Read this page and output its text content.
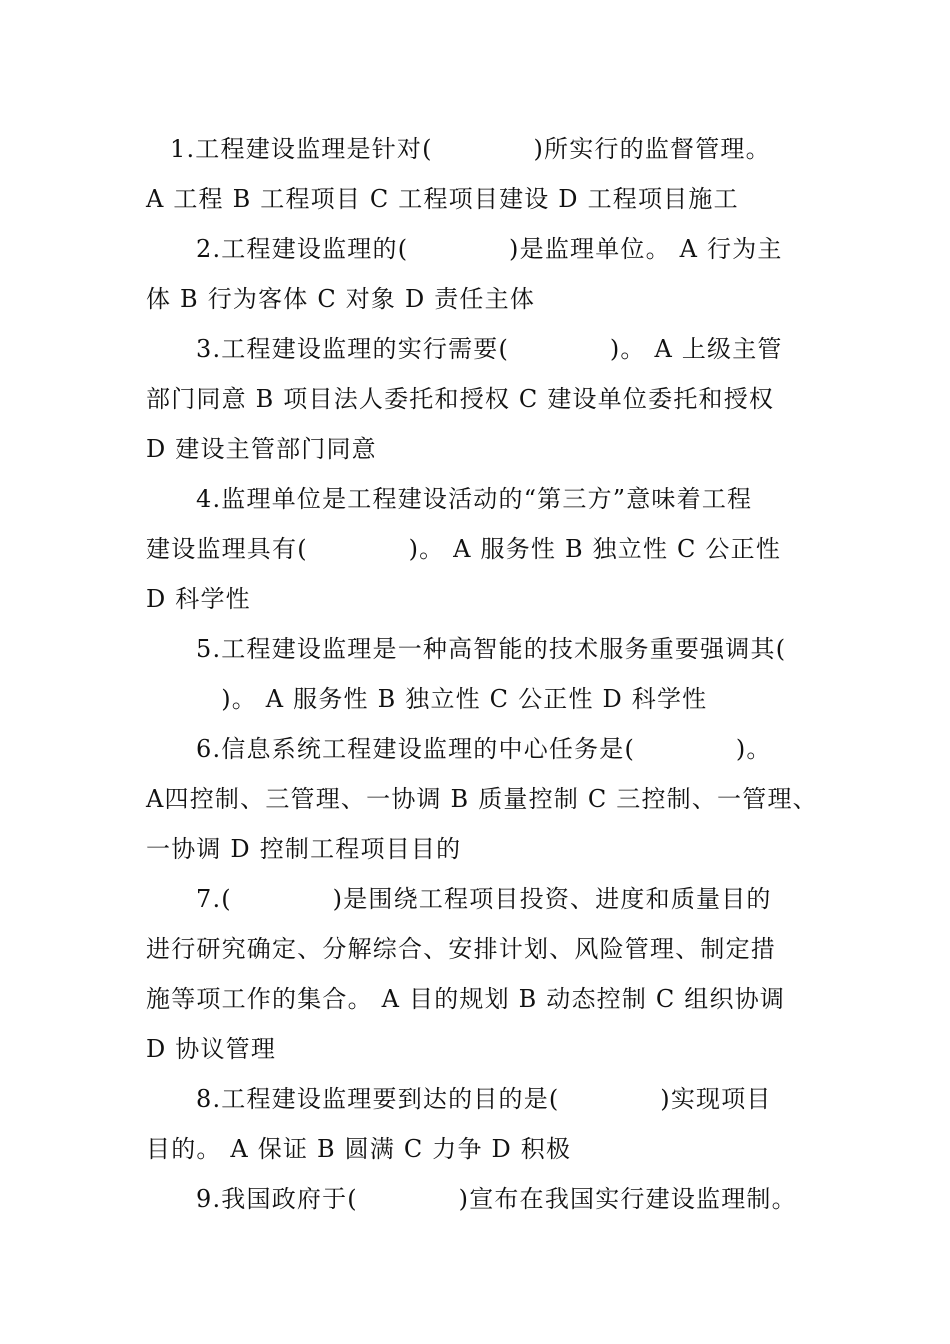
1.工程建设监理是针对(　　　　)所实行的监督管理。
A 工程 B 工程项目 C 工程项目建设 D 工程项目施工
2.工程建设监理的(　　　　)是监理单位。 A 行为主
体 B 行为客体 C 对象 D 责任主体
3.工程建设监理的实行需要(　　　　)。 A 上级主管
部门同意 B 项目法人委托和授权 C 建设单位委托和授权
D 建设主管部门同意
4.监理单位是工程建设活动的“第三方”意味着工程
建设监理具有(　　　　)。 A 服务性 B 独立性 C 公正性
D 科学性
5.工程建设监理是一种高智能的技术服务重要强调其(
　)。 A 服务性 B 独立性 C 公正性 D 科学性
6.信息系统工程建设监理的中心任务是(　　　　)。
A四控制、三管理、一协调 B 质量控制 C 三控制、一管理、
一协调 D 控制工程项目目的
7.(　　　　)是围绕工程项目投资、进度和质量目的
进行研究确定、分解综合、安排计划、风险管理、制定措
施等项工作的集合。 A 目的规划 B 动态控制 C 组织协调
D 协议管理
8.工程建设监理要到达的目的是(　　　　)实现项目
目的。 A 保证 B 圆满 C 力争 D 积极
9.我国政府于(　　　　)宣布在我国实行建设监理制。
